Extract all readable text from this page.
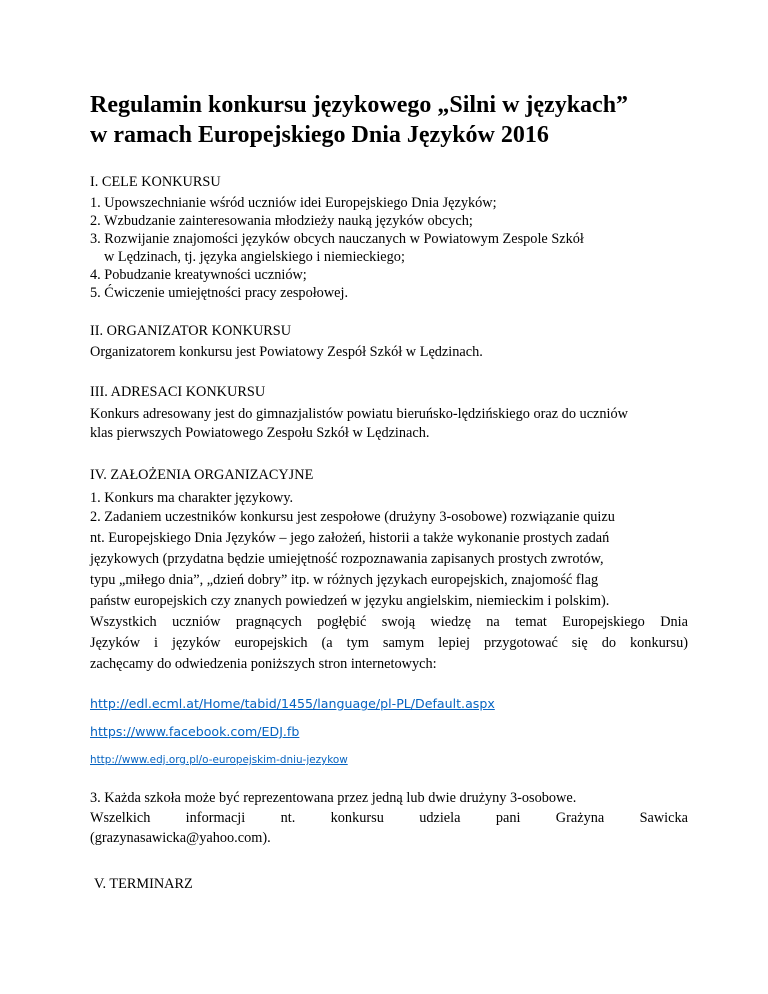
Regulamin konkursu językowego „Silni w językach”
w ramach Europejskiego Dnia Języków 2016
I. CELE KONKURSU
1. Upowszechnianie wśród uczniów idei Europejskiego Dnia Języków;
2. Wzbudzanie zainteresowania młodzieży nauką języków obcych;
3. Rozwijanie znajomości języków obcych nauczanych w Powiatowym Zespole Szkół
w Lędzinach, tj. języka angielskiego i niemieckiego;
4. Pobudzanie kreatywności uczniów;
5. Ćwiczenie umiejętności pracy zespołowej.
II. ORGANIZATOR KONKURSU
Organizatorem konkursu jest Powiatowy Zespół Szkół w Lędzinach.
III. ADRESACI KONKURSU
Konkurs adresowany jest do gimnazjalistów powiatu bieruńsko-lędzińskiego oraz do uczniów
klas pierwszych Powiatowego Zespołu Szkół w Lędzinach.
IV. ZAŁOŻENIA ORGANIZACYJNE
1. Konkurs ma charakter językowy.
2. Zadaniem uczestników konkursu jest zespołowe (drużyny 3-osobowe) rozwiązanie quizu
nt. Europejskiego Dnia Języków – jego założeń, historii a także wykonanie prostych zadań
językowych (przydatna będzie umiejętność rozpoznawania zapisanych prostych zwrotów,
typu „miłego dnia”, „dzień dobry” itp. w różnych językach europejskich, znajomość flag
państw europejskich czy znanych powiedzeń w języku angielskim, niemieckim i polskim).
Wszystkich uczniów pragnących pogłębić swoją wiedzę na temat Europejskiego Dnia
Języków i języków europejskich (a tym samym lepiej przygotować się do konkursu)
zachęcamy do odwiedzenia poniższych stron internetowych:
http://edl.ecml.at/Home/tabid/1455/language/pl-PL/Default.aspx
https://www.facebook.com/EDJ.fb
http://www.edj.org.pl/o-europejskim-dniu-jezykow
3. Każda szkoła może być reprezentowana przez jedną lub dwie drużyny 3-osobowe.
Wszelkich informacji nt. konkursu udziela pani Grażyna Sawicka
(grazynasawicka@yahoo.com).
V. TERMINARZ
